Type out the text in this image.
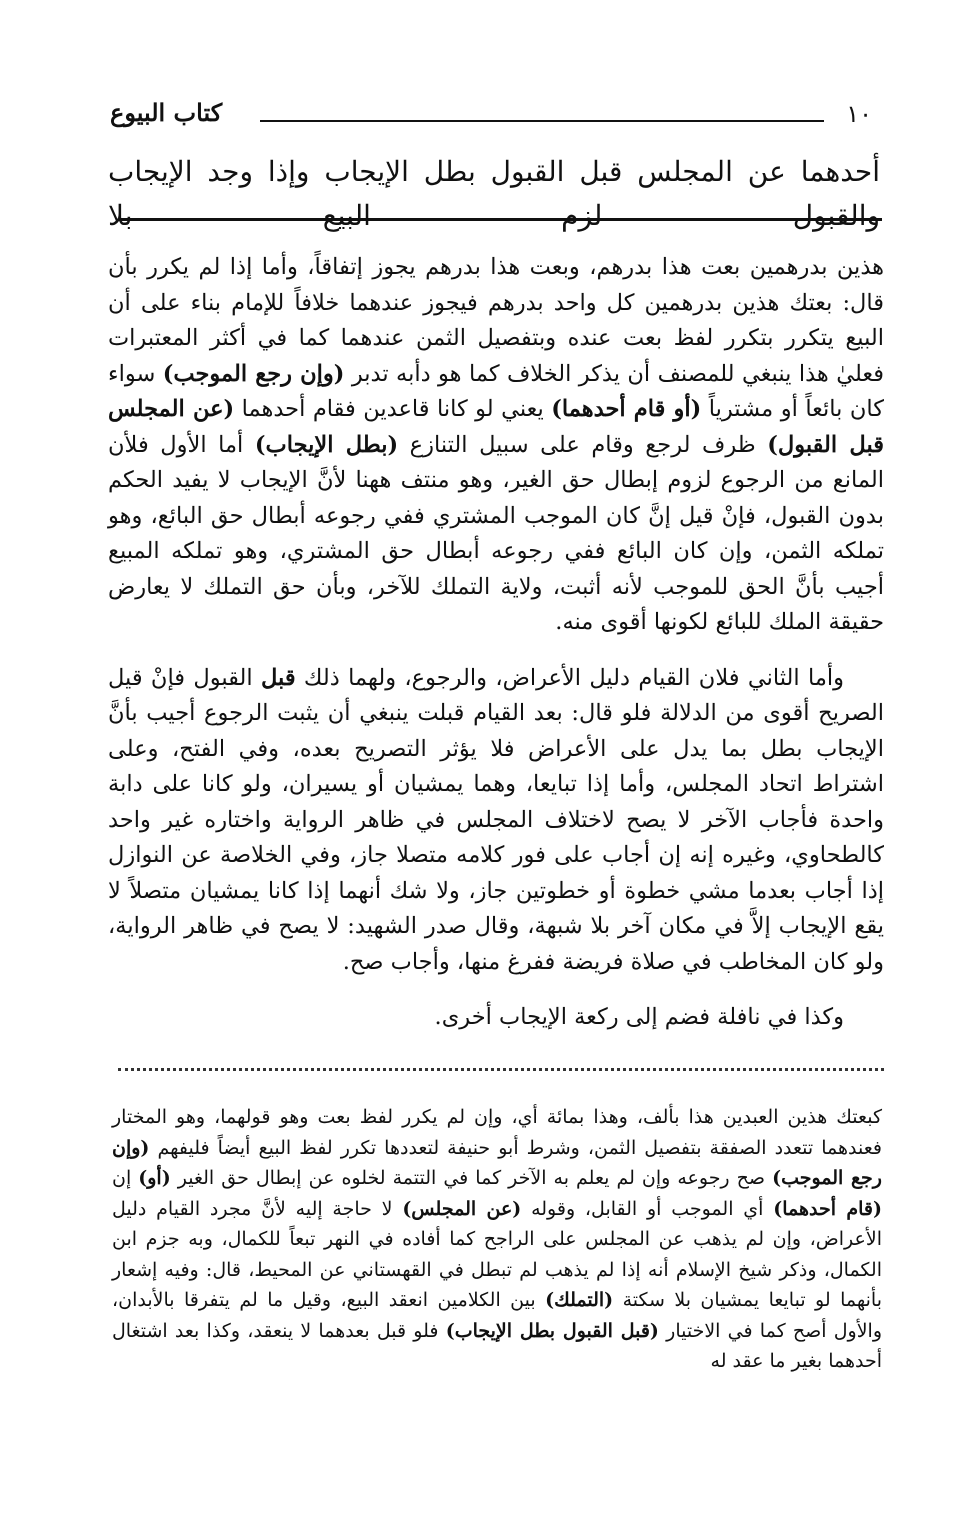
١٠
كتاب البيوع

أحدهما عن المجلس قبل القبول بطل الإيجاب وإذا وجد الإيجاب والقبول لزم البيع بلا

هذين بدرهمين بعت هذا بدرهم، وبعت هذا بدرهم يجوز إتفاقاً، وأما إذا لم يكرر بأن قال: بعتك هذين بدرهمين كل واحد بدرهم فيجوز عندهما خلافاً للإمام بناء على أن البيع يتكرر بتكرر لفظ بعت عنده وبتفصيل الثمن عندهما كما في أكثر المعتبرات فعليٰ هذا ينبغي للمصنف أن يذكر الخلاف كما هو دأبه تدبر (وإن رجع الموجب) سواء كان بائعاً أو مشترياً (أو قام أحدهما) يعني لو كانا قاعدين فقام أحدهما (عن المجلس قبل القبول) ظرف لرجع وقام على سبيل التنازع (بطل الإيجاب) أما الأول فلأن المانع من الرجوع لزوم إبطال حق الغير، وهو منتف ههنا لأنَّ الإيجاب لا يفيد الحكم بدون القبول، فإنْ قيل إنَّ كان الموجب المشتري ففي رجوعه أبطال حق البائع، وهو تملكه الثمن، وإن كان البائع ففي رجوعه أبطال حق المشتري، وهو تملكه المبيع أجيب بأنَّ الحق للموجب لأنه أثبت، ولاية التملك للآخر، وبأن حق التملك لا يعارض حقيقة الملك للبائع لكونها أقوى منه.

وأما الثاني فلان القيام دليل الأعراض، والرجوع، ولهما ذلك قبل القبول فإنْ قيل الصريح أقوى من الدلالة فلو قال: بعد القيام قبلت ينبغي أن يثبت الرجوع أجيب بأنَّ الإيجاب بطل بما يدل على الأعراض فلا يؤثر التصريح بعده، وفي الفتح، وعلى اشتراط اتحاد المجلس، وأما إذا تبايعا، وهما يمشيان أو يسيران، ولو كانا على دابة واحدة فأجاب الآخر لا يصح لاختلاف المجلس في ظاهر الرواية واختاره غير واحد كالطحاوي، وغيره إنه إن أجاب على فور كلامه متصلا جاز، وفي الخلاصة عن النوازل إذا أجاب بعدما مشي خطوة أو خطوتين جاز، ولا شك أنهما إذا كانا يمشيان متصلاً لا يقع الإيجاب إلاَّ في مكان آخر بلا شبهة، وقال صدر الشهيد: لا يصح في ظاهر الرواية، ولو كان المخاطب في صلاة فريضة ففرغ منها، وأجاب صح.

وكذا في نافلة فضم إلى ركعة الإيجاب أخرى.

كبعتك هذين العبدين هذا بألف، وهذا بمائة أي، وإن لم يكرر لفظ بعت وهو قولهما، وهو المختار فعندهما تتعدد الصفقة بتفصيل الثمن، وشرط أبو حنيفة لتعددها تكرر لفظ البيع أيضاً فليفهم (وإن رجع الموجب) صح رجوعه وإن لم يعلم به الآخر كما في التتمة لخلوه عن إبطال حق الغير (أو) إن (قام أحدهما) أي الموجب أو القابل، وقوله (عن المجلس) لا حاجة إليه لأنَّ مجرد القيام دليل الأعراض، وإن لم يذهب عن المجلس على الراجح كما أفاده في النهر تبعاً للكمال، وبه جزم ابن الكمال، وذكر شيخ الإسلام أنه إذا لم يذهب لم تبطل في القهستاني عن المحيط، قال: وفيه إشعار بأنهما لو تبايعا يمشيان بلا سكتة (التملك) بين الكلامين انعقد البيع، وقيل ما لم يتفرقا بالأبدان، والأول أصح كما في الاختيار (قبل القبول بطل الإيجاب) فلو قبل بعدهما لا ينعقد، وكذا بعد اشتغال أحدهما بغير ما عقد له
